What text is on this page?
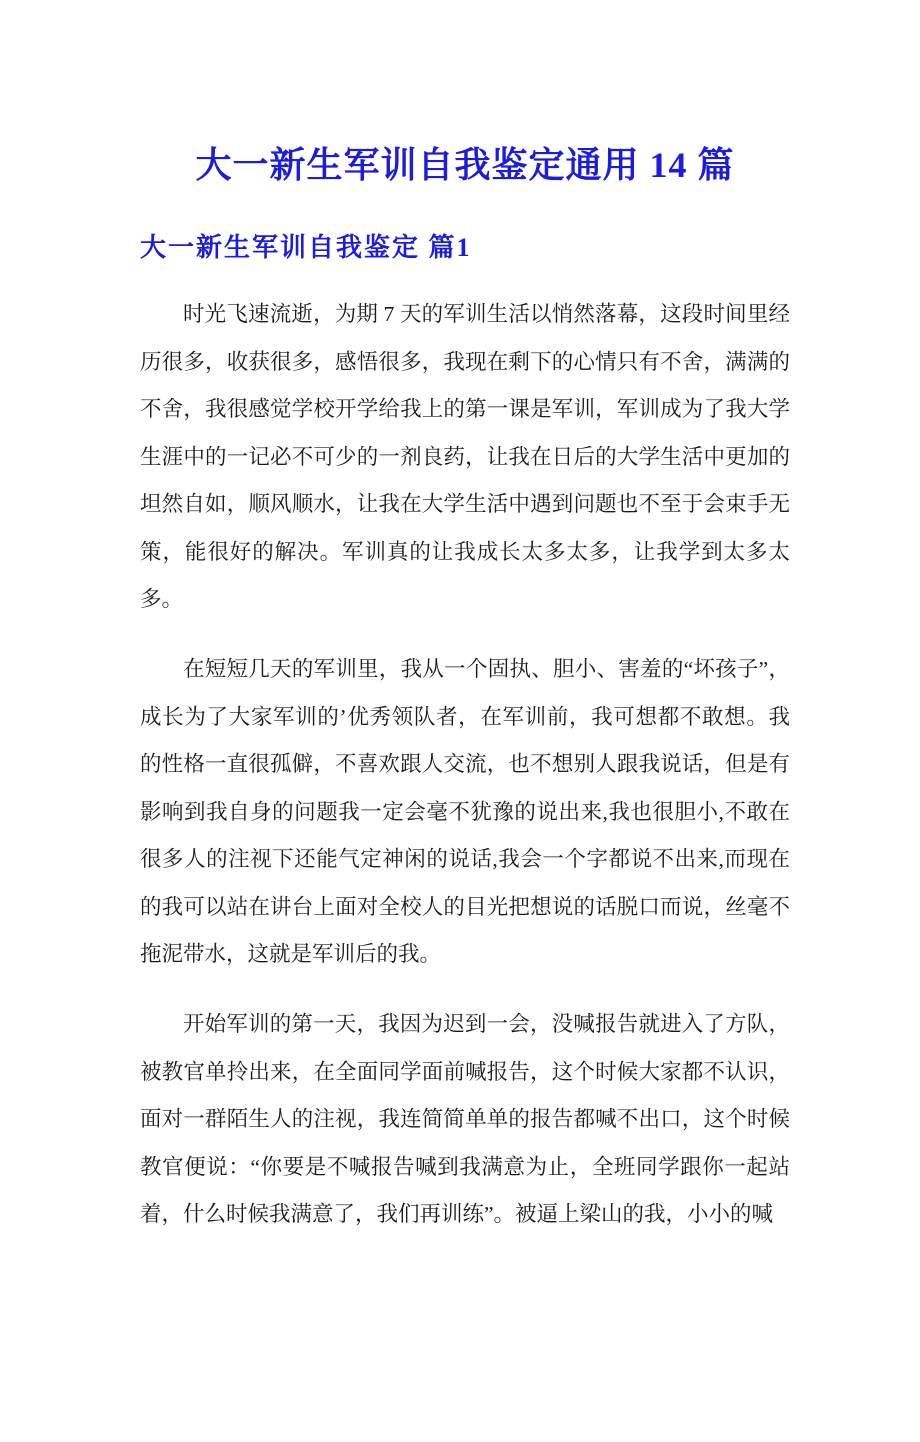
大一新生军训自我鉴定通用 14 篇
大一新生军训自我鉴定 篇1

时光飞速流逝，为期 7 天的军训生活以悄然落幕，这段时间里经历很多，收获很多，感悟很多，我现在剩下的心情只有不舍，满满的不舍，我很感觉学校开学给我上的第一课是军训，军训成为了我大学生涯中的一记必不可少的一剂良药，让我在日后的大学生活中更加的坦然自如，顺风顺水，让我在大学生活中遇到问题也不至于会束手无策，能很好的解决。军训真的让我成长太多太多，让我学到太多太多。

在短短几天的军训里，我从一个固执、胆小、害羞的“坏孩子”，成长为了大家军训的’优秀领队者，在军训前，我可想都不敢想。我的性格一直很孤僻，不喜欢跟人交流，也不想别人跟我说话，但是有影响到我自身的问题我一定会毫不犹豫的说出来,我也很胆小,不敢在很多人的注视下还能气定神闲的说话,我会一个字都说不出来,而现在的我可以站在讲台上面对全校人的目光把想说的话脱口而说，丝毫不拖泥带水，这就是军训后的我。

开始军训的第一天，我因为迟到一会，没喊报告就进入了方队，被教官单拎出来，在全面同学面前喊报告，这个时候大家都不认识，面对一群陌生人的注视，我连简简单单的报告都喊不出口，这个时候教官便说：“你要是不喊报告喊到我满意为止，全班同学跟你一起站着，什么时候我满意了，我们再训练”。被逼上梁山的我，小小的喊
